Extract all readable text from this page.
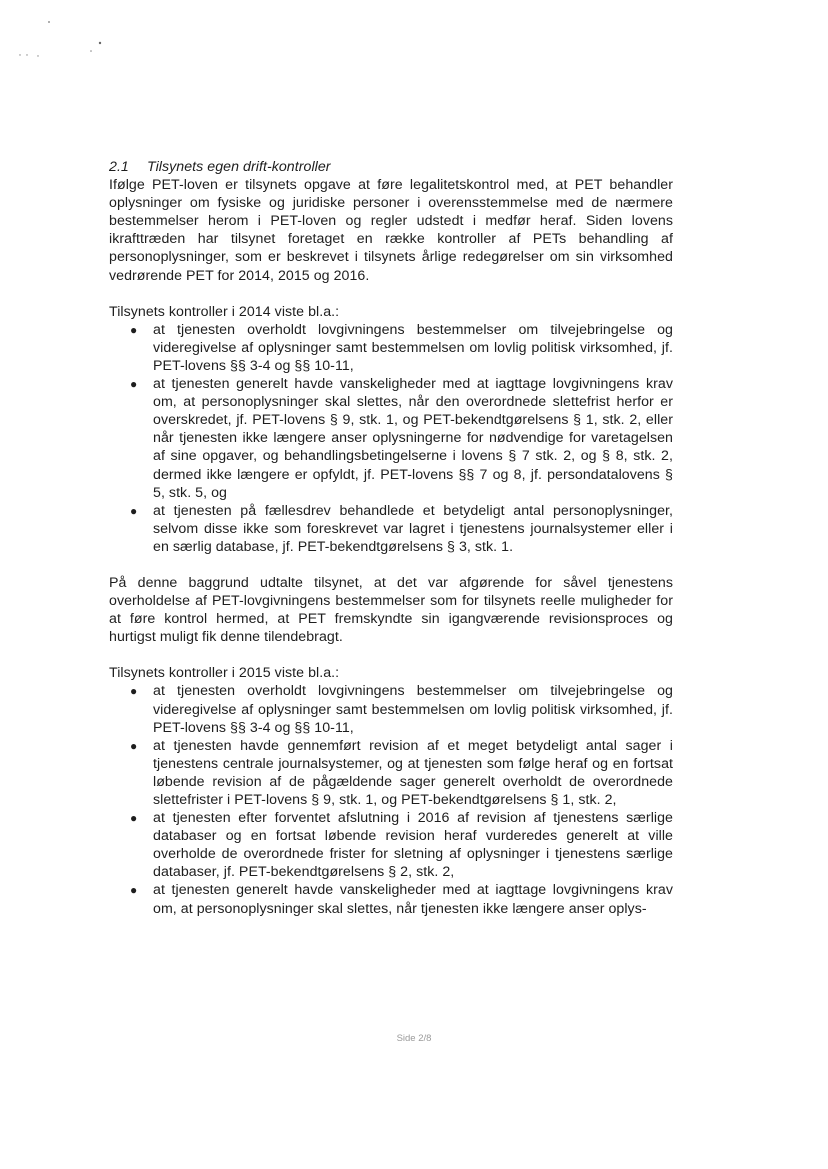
2.1 Tilsynets egen drift-kontroller

Ifølge PET-loven er tilsynets opgave at føre legalitetskontrol med, at PET behandler oplysninger om fysiske og juridiske personer i overensstemmelse med de nærmere bestemmelser herom i PET-loven og regler udstedt i medfør heraf. Siden lovens ikrafttræden har tilsynet foretaget en række kontroller af PETs behandling af personoplysninger, som er beskrevet i tilsynets årlige redegørelser om sin virksomhed vedrørende PET for 2014, 2015 og 2016.

Tilsynets kontroller i 2014 viste bl.a.:

● at tjenesten overholdt lovgivningens bestemmelser om tilvejebringelse og videregivelse af oplysninger samt bestemmelsen om lovlig politisk virksomhed, jf. PET-lovens §§ 3-4 og §§ 10-11,
● at tjenesten generelt havde vanskeligheder med at iagttage lovgivningens krav om, at personoplysninger skal slettes, når den overordnede slettefrist herfor er overskredet, jf. PET-lovens § 9, stk. 1, og PET-bekendtgørelsens § 1, stk. 2, eller når tjenesten ikke længere anser oplysningerne for nødvendige for varetagelsen af sine opgaver, og behandlingsbetingelserne i lovens § 7 stk. 2, og § 8, stk. 2, dermed ikke længere er opfyldt, jf. PET-lovens §§ 7 og 8, jf. persondatalovens § 5, stk. 5, og
● at tjenesten på fællesdrev behandlede et betydeligt antal personoplysninger, selvom disse ikke som foreskrevet var lagret i tjenestens journalsystemer eller i en særlig database, jf. PET-bekendtgørelsens § 3, stk. 1.

På denne baggrund udtalte tilsynet, at det var afgørende for såvel tjenestens overholdelse af PET-lovgivningens bestemmelser som for tilsynets reelle muligheder for at føre kontrol hermed, at PET fremskyndte sin igangværende revisionsproces og hurtigst muligt fik denne tilendebragt.

Tilsynets kontroller i 2015 viste bl.a.:

● at tjenesten overholdt lovgivningens bestemmelser om tilvejebringelse og videregivelse af oplysninger samt bestemmelsen om lovlig politisk virksomhed, jf. PET-lovens §§ 3-4 og §§ 10-11,
● at tjenesten havde gennemført revision af et meget betydeligt antal sager i tjenestens centrale journalsystemer, og at tjenesten som følge heraf og en fortsat løbende revision af de pågældende sager generelt overholdt de overordnede slettefrister i PET-lovens § 9, stk. 1, og PET-bekendtgørelsens § 1, stk. 2,
● at tjenesten efter forventet afslutning i 2016 af revision af tjenestens særlige databaser og en fortsat løbende revision heraf vurderedes generelt at ville overholde de overordnede frister for sletning af oplysninger i tjenestens særlige databaser, jf. PET-bekendtgørelsens § 2, stk. 2,
● at tjenesten generelt havde vanskeligheder med at iagttage lovgivningens krav om, at personoplysninger skal slettes, når tjenesten ikke længere anser oplys-
Side 2/8
